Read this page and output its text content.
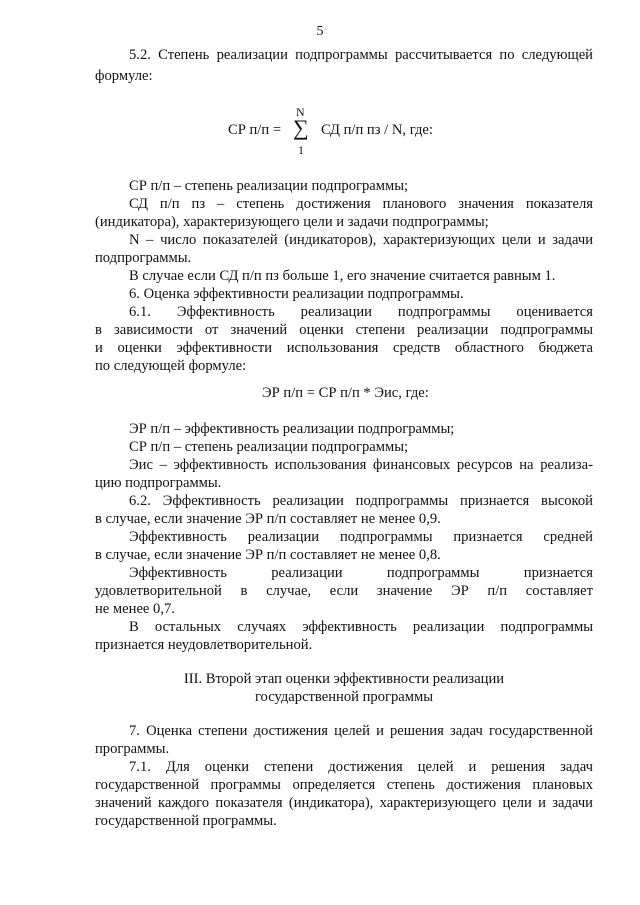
5
5.2. Степень реализации подпрограммы рассчитывается по следующей
формуле:
N
СР п/п = ∑ СД п/п пз / N, где:
1
СР п/п – степень реализации подпрограммы;
СД п/п пз – степень достижения планового значения показателя
(индикатора), характеризующего цели и задачи подпрограммы;
N – число показателей (индикаторов), характеризующих цели и задачи
подпрограммы.
В случае если СД п/п пз больше 1, его значение считается равным 1.
6. Оценка эффективности реализации подпрограммы.
6.1. Эффективность реализации подпрограммы оценивается
в зависимости от значений оценки степени реализации подпрограммы
и оценки эффективности использования средств областного бюджета
по следующей формуле:
ЭР п/п = СР п/п * Эис, где:
ЭР п/п – эффективность реализации подпрограммы;
СР п/п – степень реализации подпрограммы;
Эис – эффективность использования финансовых ресурсов на реализа-
цию подпрограммы.
6.2. Эффективность реализации подпрограммы признается высокой
в случае, если значение ЭР п/п составляет не менее 0,9.
Эффективность реализации подпрограммы признается средней
в случае, если значение ЭР п/п составляет не менее 0,8.
Эффективность реализации подпрограммы признается
удовлетворительной в случае, если значение ЭР п/п составляет
не менее 0,7.
В остальных случаях эффективность реализации подпрограммы
признается неудовлетворительной.
III. Второй этап оценки эффективности реализации
государственной программы
7. Оценка степени достижения целей и решения задач государственной
программы.
7.1. Для оценки степени достижения целей и решения задач
государственной программы определяется степень достижения плановых
значений каждого показателя (индикатора), характеризующего цели и задачи
государственной программы.
